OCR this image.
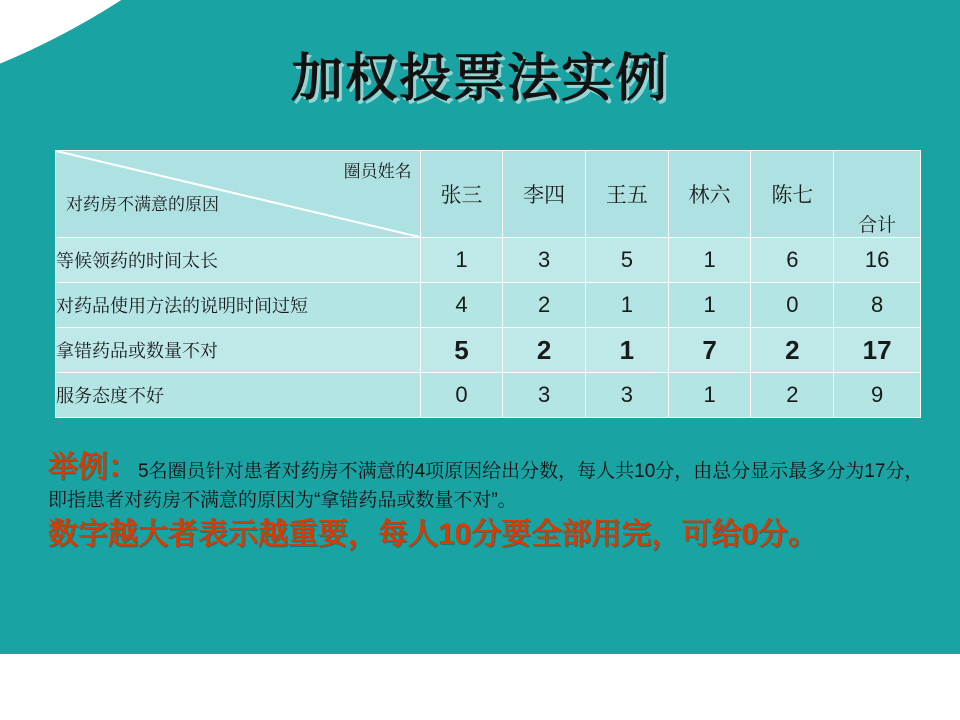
加权投票法实例
圈员姓名
对药房不满意的原因	张三	李四	王五	林六	陈七	合计
等候领药的时间太长	1	3	5	1	6	16
对药品使用方法的说明时间过短	4	2	1	1	0	8
拿错药品或数量不对	5	2	1	7	2	17
服务态度不好	0	3	3	1	2	9
举例：5名圈员针对患者对药房不满意的4项原因给出分数，每人共10分，由总分显示最多分为17分，即指患者对药房不满意的原因为“拿错药品或数量不对”。
数字越大者表示越重要，每人10分要全部用完，可给0分。
